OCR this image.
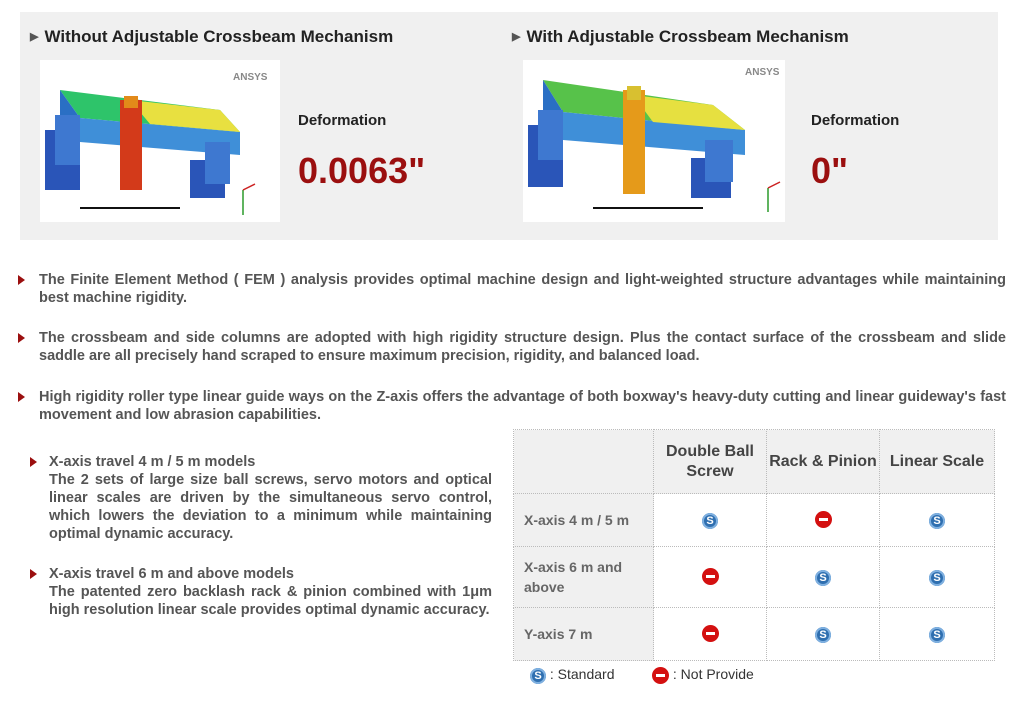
▶ Without Adjustable Crossbeam Mechanism
ANSYS
Deformation
0.0063"
▶ With Adjustable Crossbeam Mechanism
ANSYS
Deformation
0"
The Finite Element Method ( FEM ) analysis provides optimal machine design and light-weighted structure advantages while maintaining best machine rigidity.
The crossbeam and side columns are adopted with high rigidity structure design. Plus the contact surface of the crossbeam and slide saddle are all precisely hand scraped to ensure maximum precision, rigidity, and balanced load.
High rigidity roller type linear guide ways on the Z-axis offers the advantage of both boxway's heavy-duty cutting and linear guideway's fast movement and low abrasion capabilities.
X-axis travel 4 m / 5 m models
The 2 sets of large size ball screws, servo motors and optical linear scales are driven by the simultaneous servo control, which lowers the deviation to a minimum while maintaining optimal dynamic accuracy.
X-axis travel 6 m and above models
The patented zero backlash rack & pinion combined with 1μm high resolution linear scale provides optimal dynamic accuracy.
	Double Ball Screw	Rack & Pinion	Linear Scale
X-axis 4 m / 5 m	S		S
X-axis 6 m and above		S	S
Y-axis 7 m		S	S
S : Standard	: Not Provide
